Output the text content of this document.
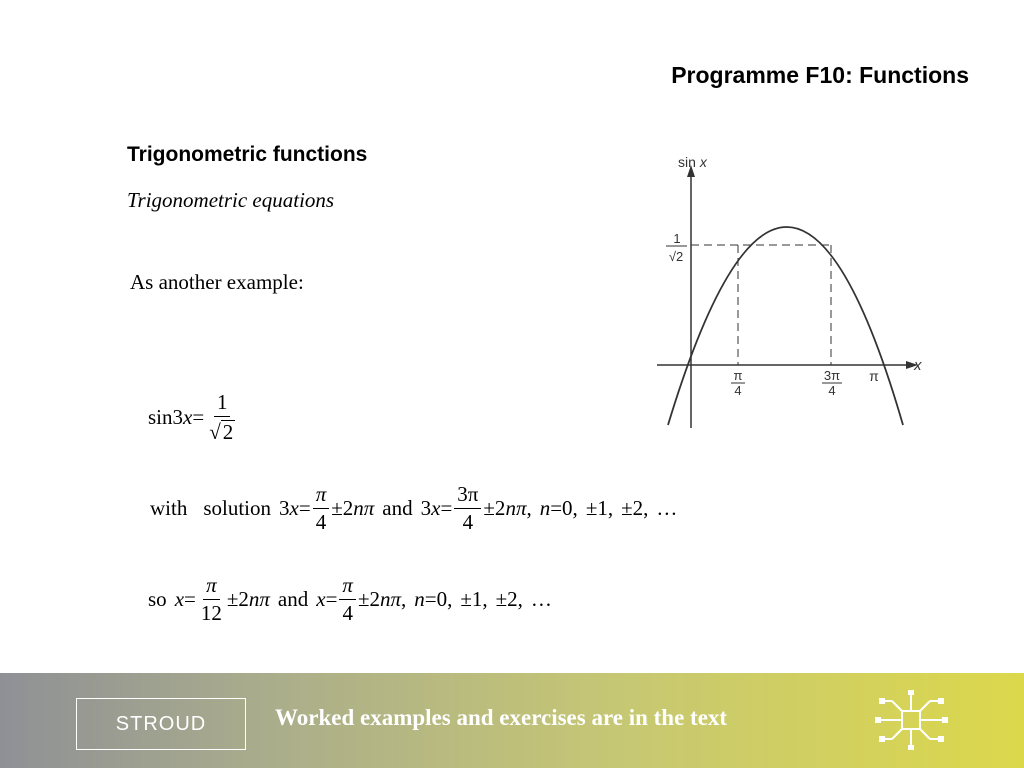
Programme F10: Functions
Trigonometric functions
Trigonometric equations
As another example:
sin 3 $x = \frac{1}{√ 2}$
with solution 3 $x = \frac{\pi}{4} \pm 2$ n π and 3 $x = \frac{3\pi}{4} \pm 2$ n π , n =0, ±1, ±2, …
so $x = \frac{\pi}{12} \pm 2$ n π and $x = \frac{\pi}{4} \pm 2$ n π , n =0, ±1, ±2, …
sin x
x
1
√2
π
4
3π
4
π
STROUD	Worked examples and exercises are in the text
